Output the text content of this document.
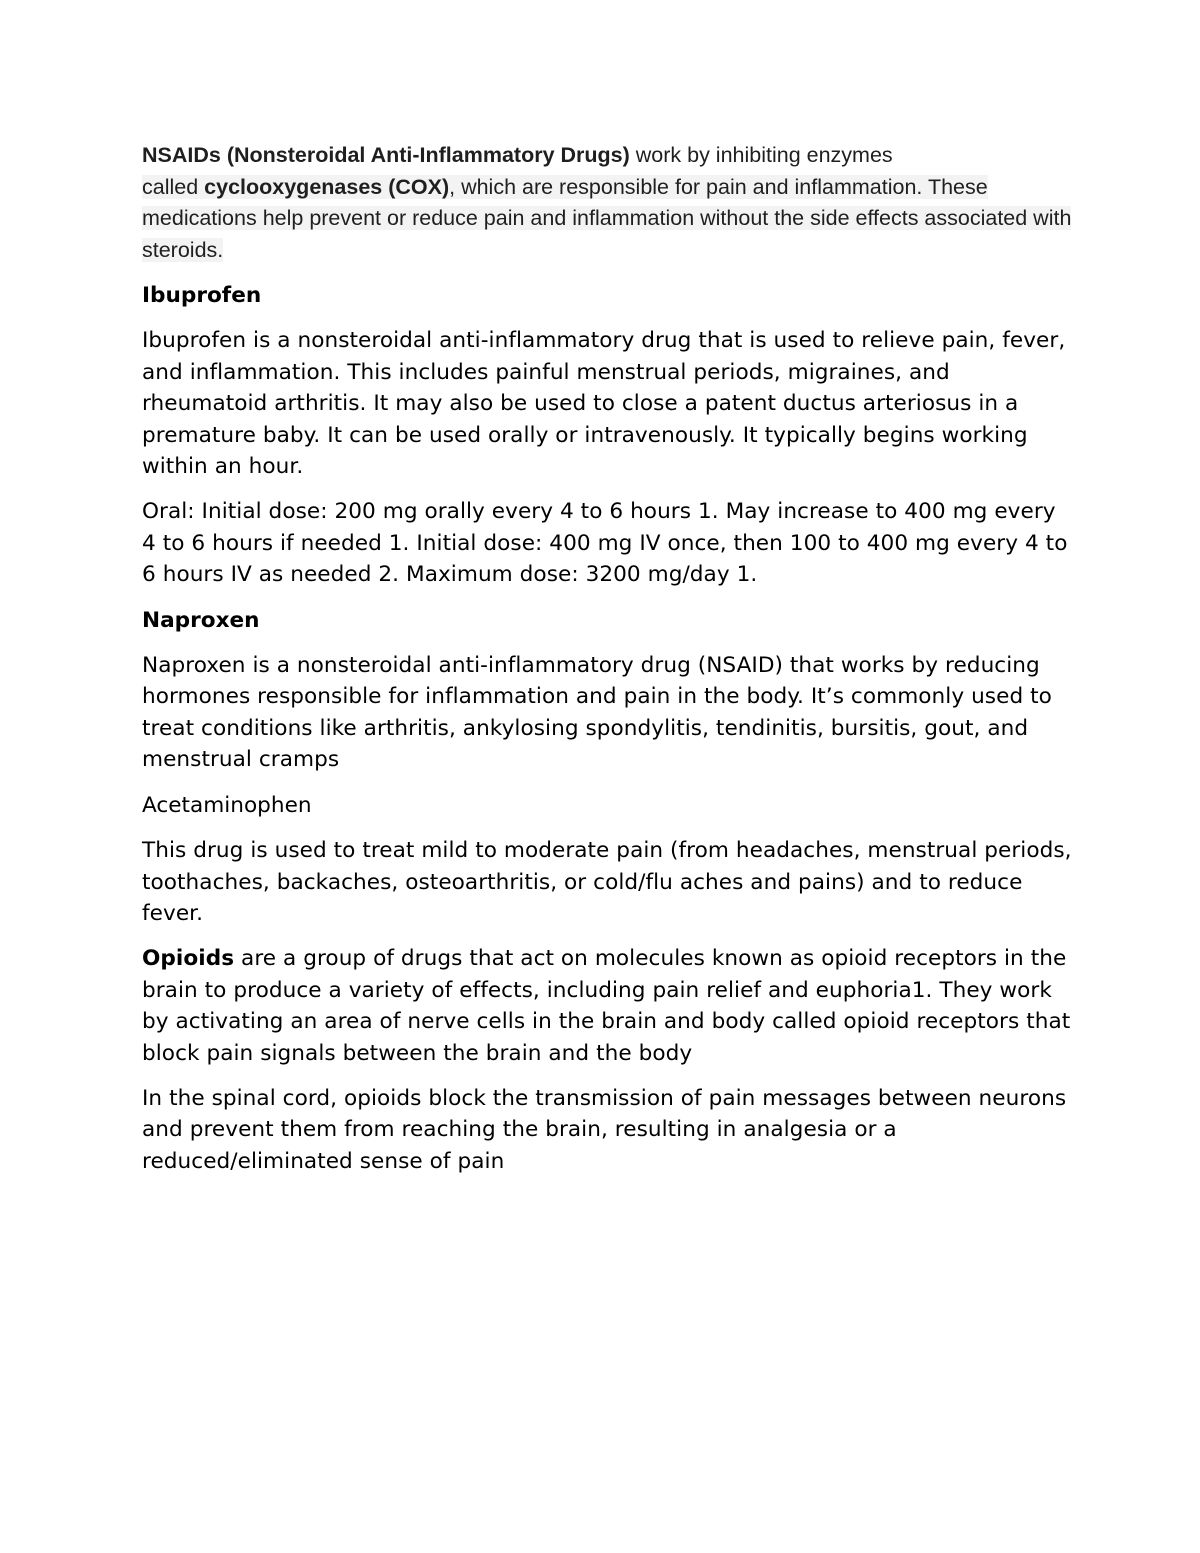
NSAIDs (Nonsteroidal Anti-Inflammatory Drugs) work by inhibiting enzymes
called cyclooxygenases (COX), which are responsible for pain and inflammation. These medications help prevent or reduce pain and inflammation without the side effects associated with steroids.

Ibuprofen

Ibuprofen is a nonsteroidal anti-inflammatory drug that is used to relieve pain, fever, and inflammation. This includes painful menstrual periods, migraines, and rheumatoid arthritis. It may also be used to close a patent ductus arteriosus in a premature baby. It can be used orally or intravenously. It typically begins working within an hour.

Oral: Initial dose: 200 mg orally every 4 to 6 hours 1. May increase to 400 mg every 4 to 6 hours if needed 1. Initial dose: 400 mg IV once, then 100 to 400 mg every 4 to 6 hours IV as needed 2. Maximum dose: 3200 mg/day 1.

Naproxen

Naproxen is a nonsteroidal anti-inflammatory drug (NSAID) that works by reducing hormones responsible for inflammation and pain in the body. It’s commonly used to treat conditions like arthritis, ankylosing spondylitis, tendinitis, bursitis, gout, and menstrual cramps

Acetaminophen

This drug is used to treat mild to moderate pain (from headaches, menstrual periods, toothaches, backaches, osteoarthritis, or cold/flu aches and pains) and to reduce fever.

Opioids are a group of drugs that act on molecules known as opioid receptors in the brain to produce a variety of effects, including pain relief and euphoria1. They work by activating an area of nerve cells in the brain and body called opioid receptors that block pain signals between the brain and the body

In the spinal cord, opioids block the transmission of pain messages between neurons and prevent them from reaching the brain, resulting in analgesia or a reduced/eliminated sense of pain
